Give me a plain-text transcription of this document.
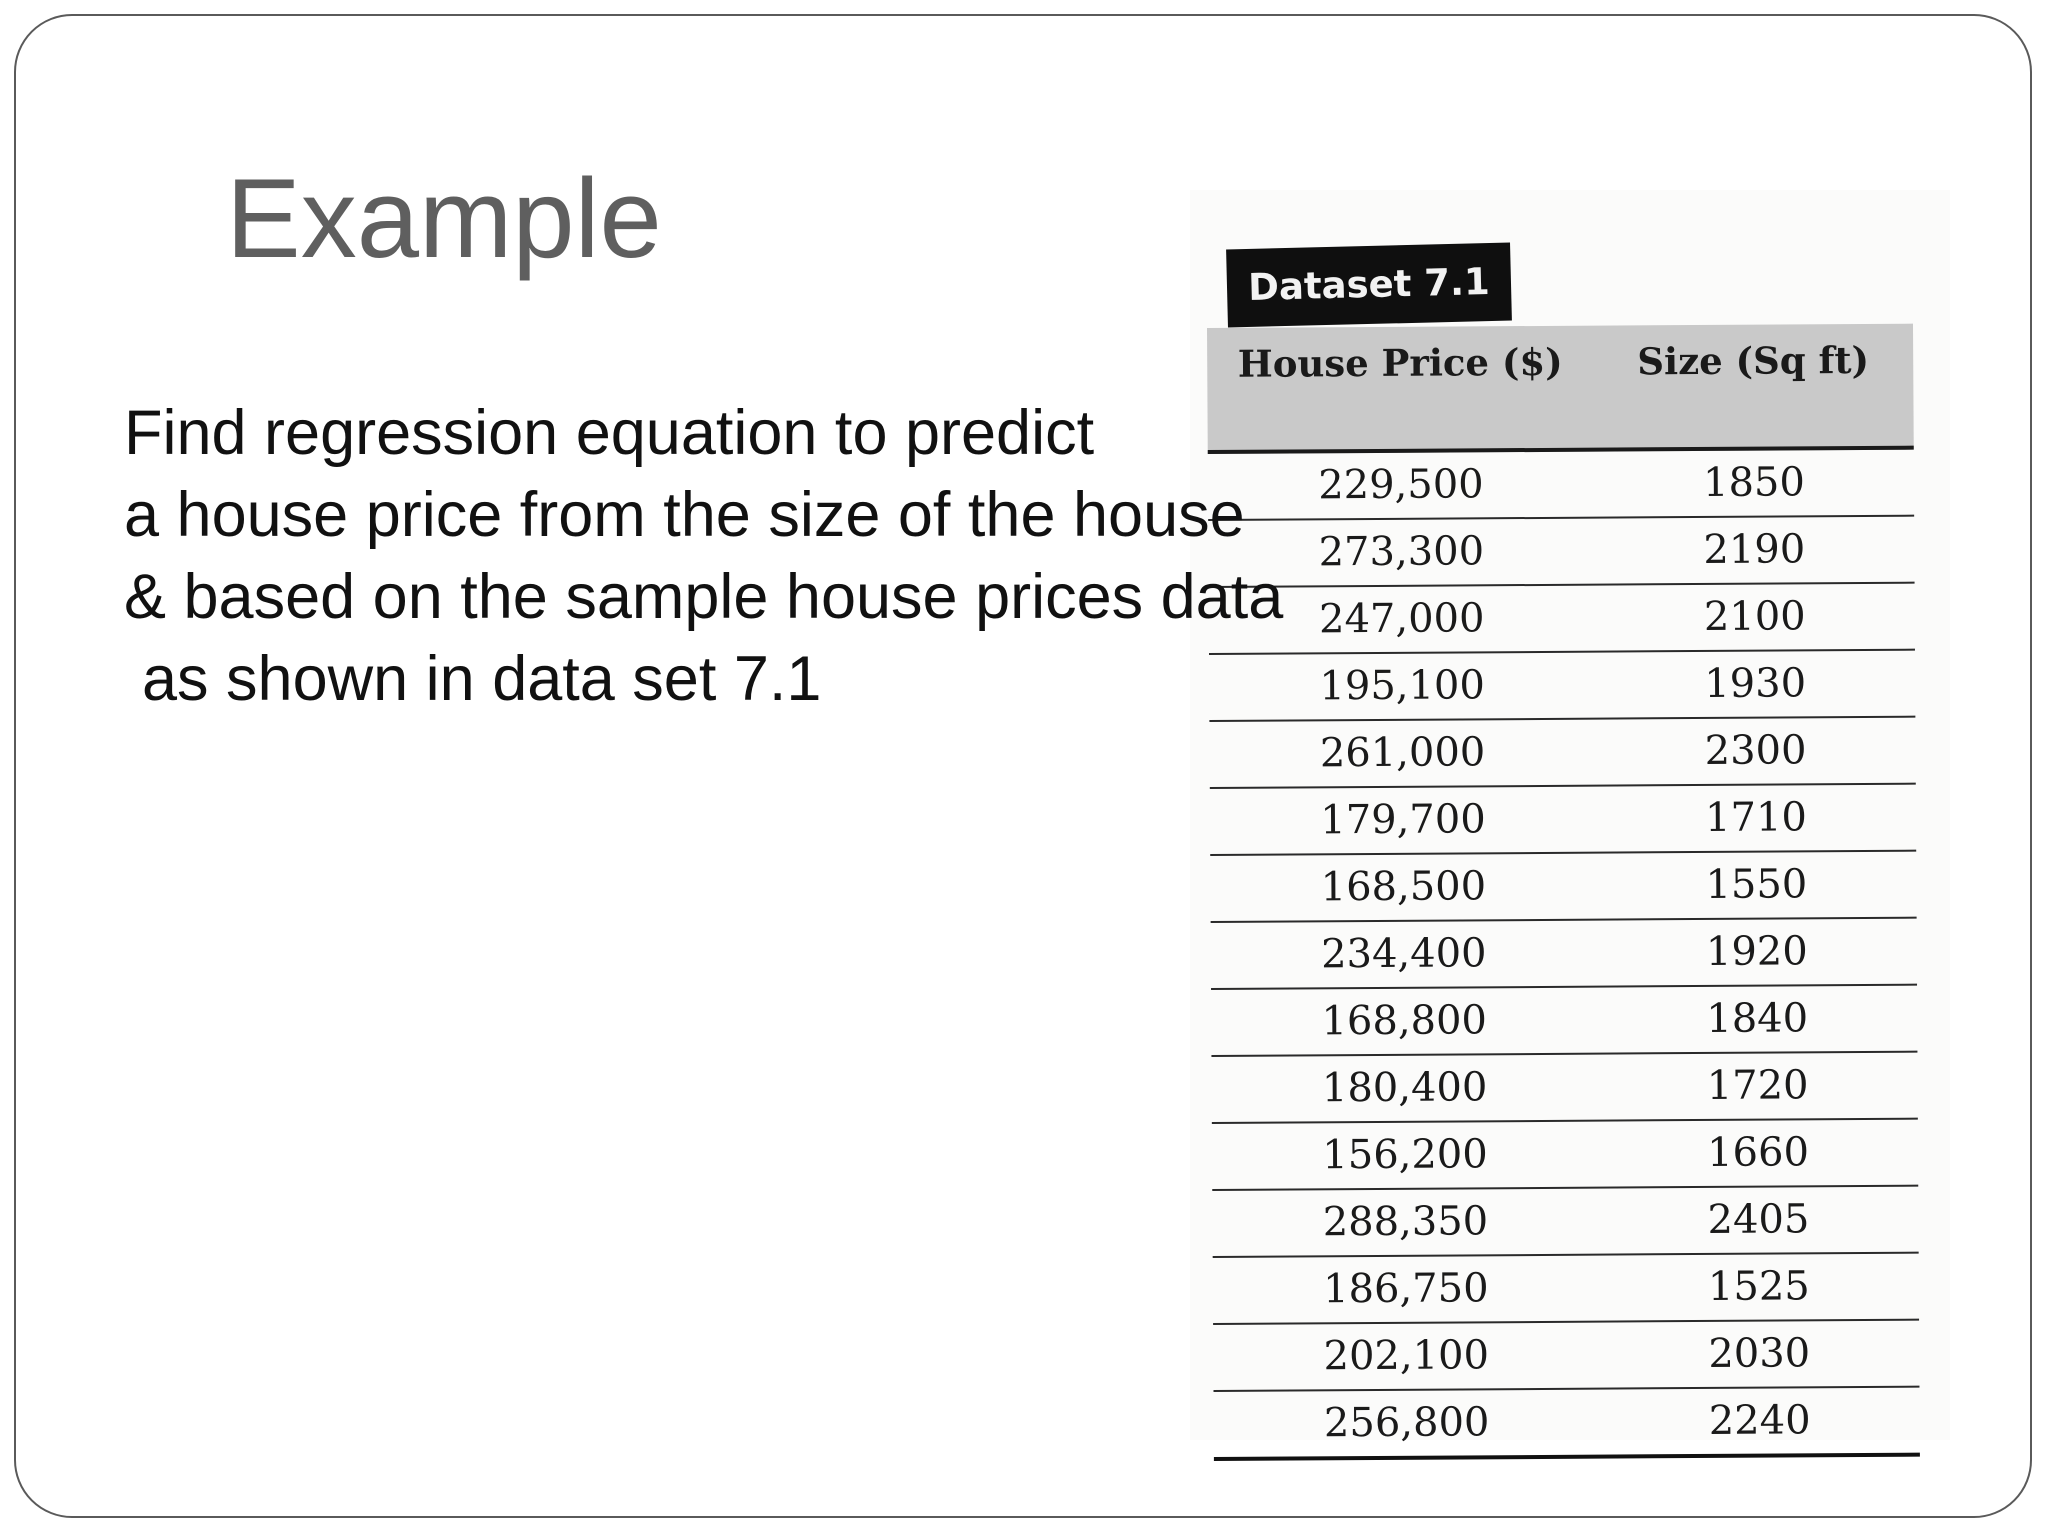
Example

Find regression equation to predict
a house price from the size of the house
& based on the sample house prices data
as shown in data set 7.1

Dataset 7.1
House Price ($)	Size (Sq ft)
229,500	1850
273,300	2190
247,000	2100
195,100	1930
261,000	2300
179,700	1710
168,500	1550
234,400	1920
168,800	1840
180,400	1720
156,200	1660
288,350	2405
186,750	1525
202,100	2030
256,800	2240
